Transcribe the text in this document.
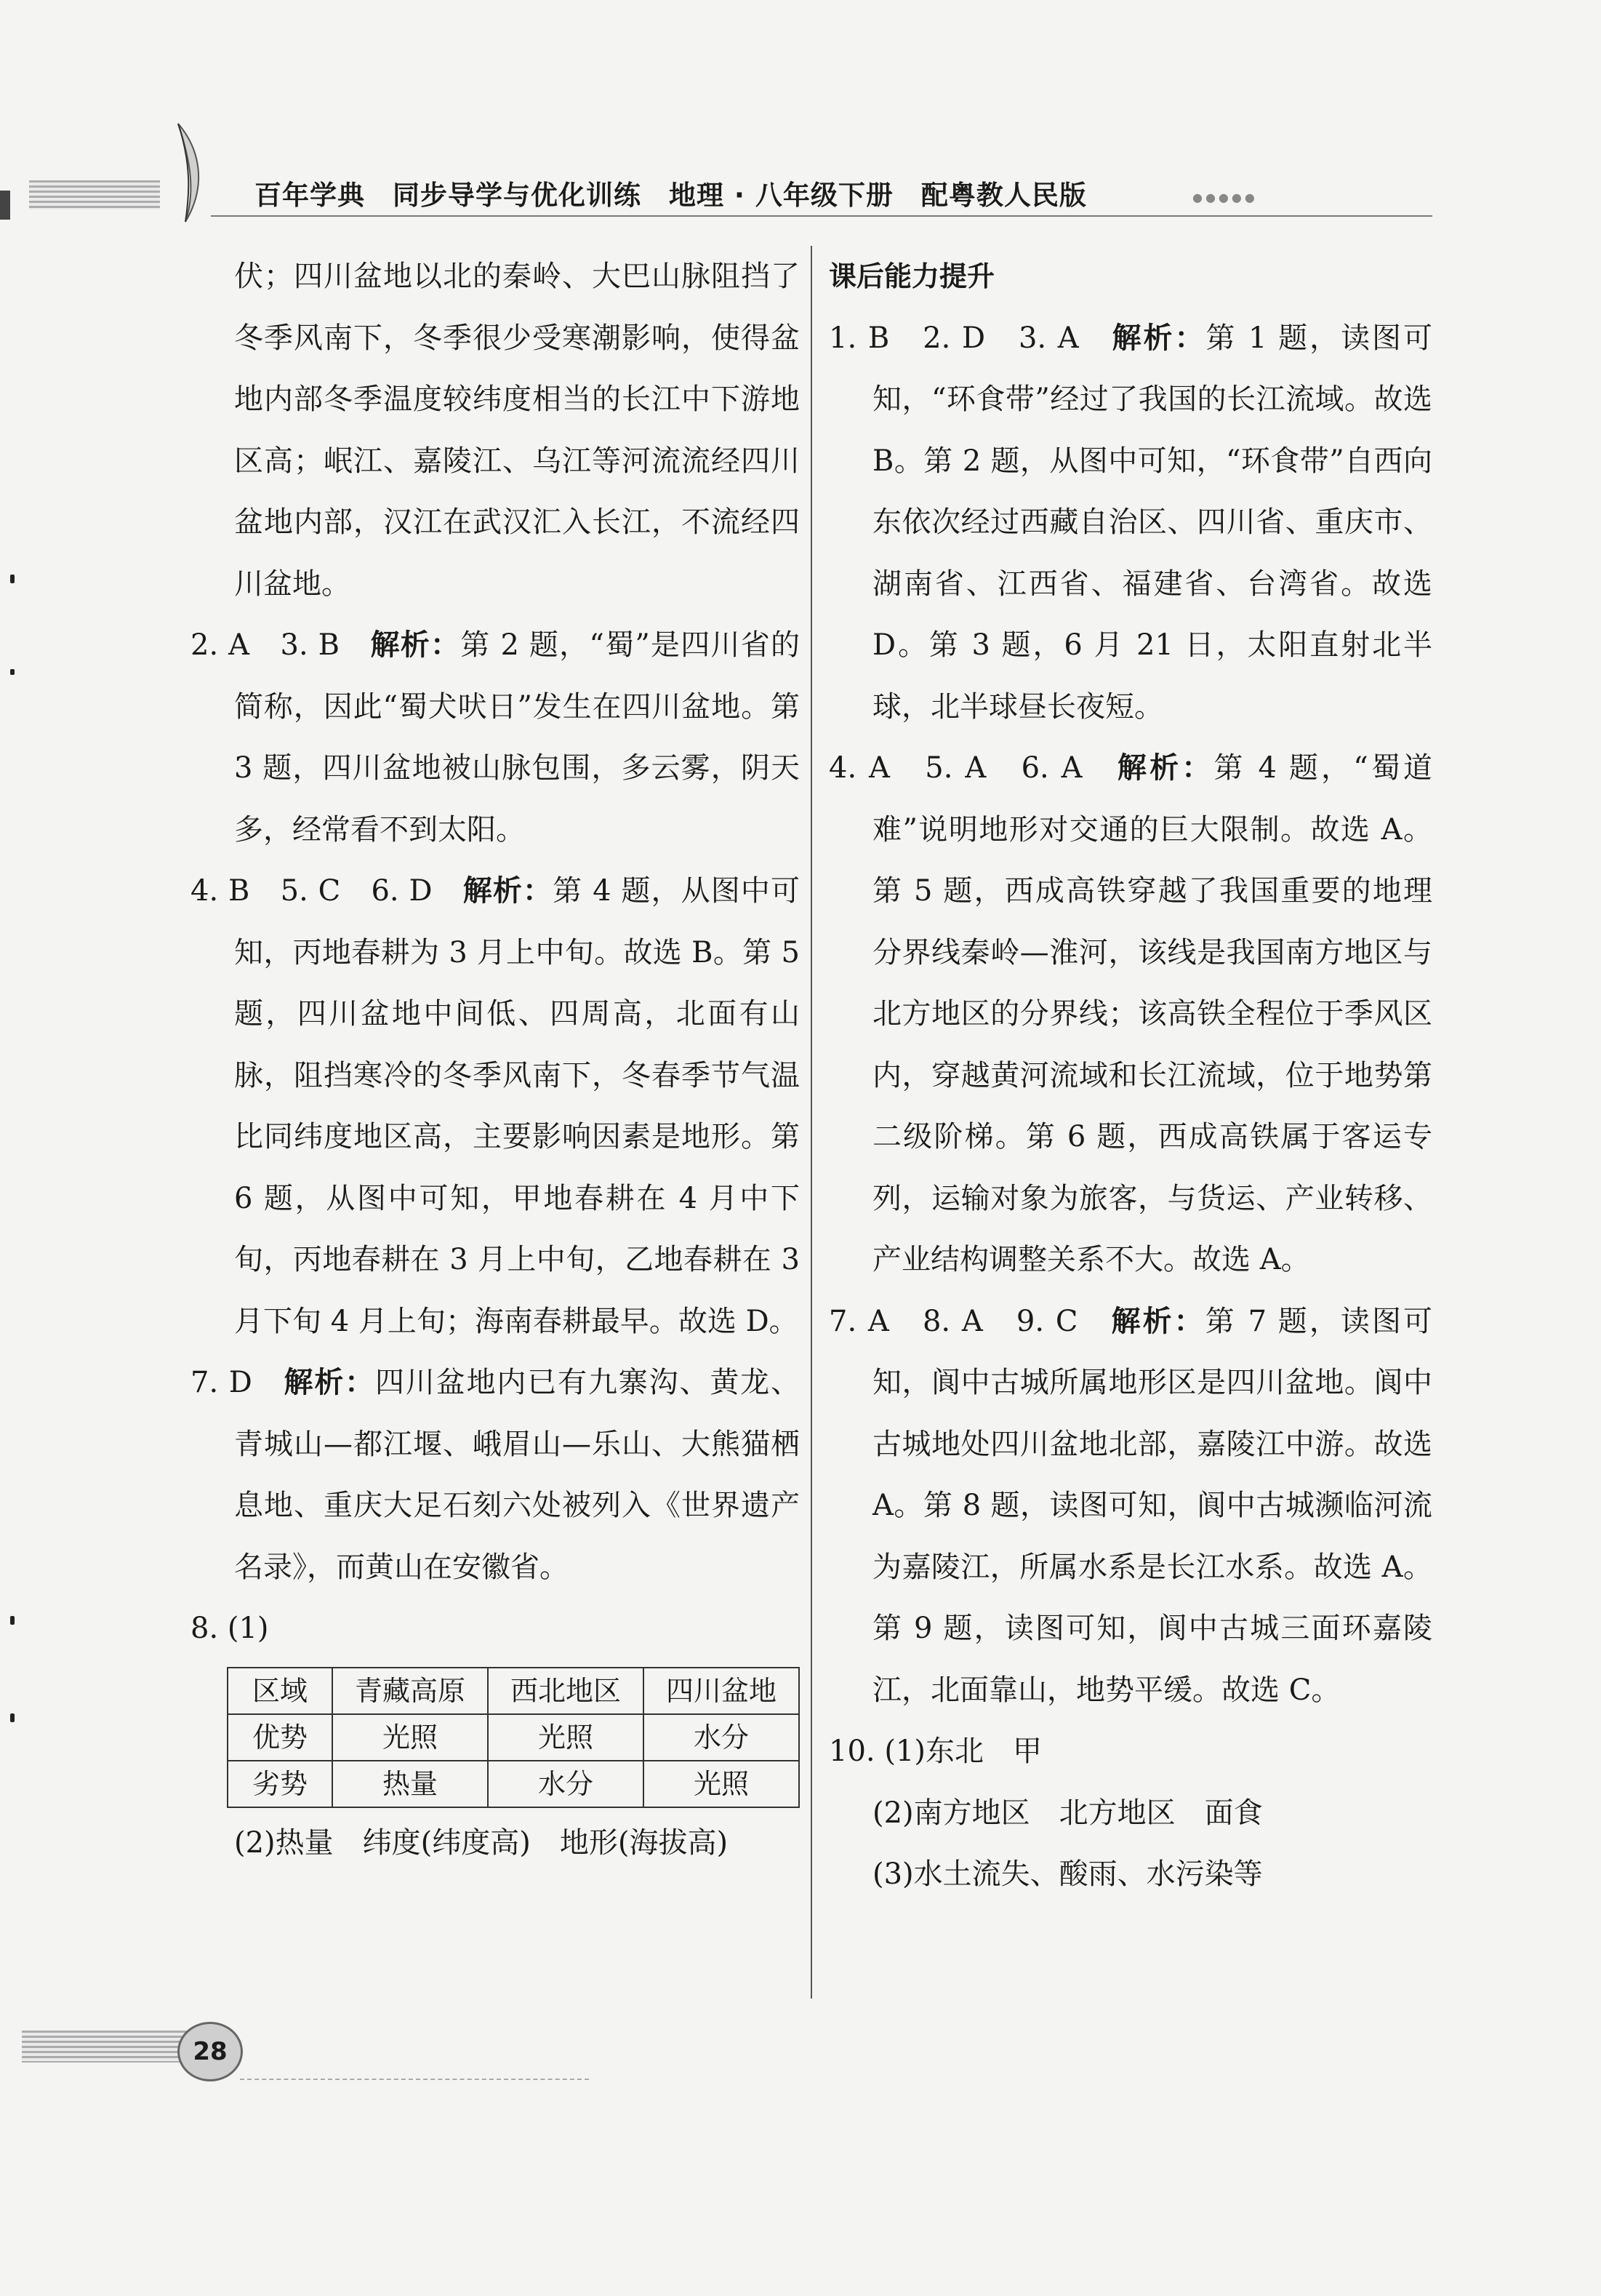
百年学典　同步导学与优化训练　地理 · 八年级下册　配粤教人民版	●●●●●

伏；四川盆地以北的秦岭、大巴山脉阻挡了冬季风南下，冬季很少受寒潮影响，使得盆地内部冬季温度较纬度相当的长江中下游地区高；岷江、嘉陵江、乌江等河流流经四川盆地内部，汉江在武汉汇入长江，不流经四川盆地。

2. A　3. B　解析：第 2 题，“蜀”是四川省的简称，因此“蜀犬吠日”发生在四川盆地。第 3 题，四川盆地被山脉包围，多云雾，阴天多，经常看不到太阳。

4. B　5. C　6. D　解析：第 4 题，从图中可知，丙地春耕为 3 月上中旬。故选 B。第 5 题，四川盆地中间低、四周高，北面有山脉，阻挡寒冷的冬季风南下，冬春季节气温比同纬度地区高，主要影响因素是地形。第 6 题，从图中可知，甲地春耕在 4 月中下旬，丙地春耕在 3 月上中旬，乙地春耕在 3 月下旬 4 月上旬；海南春耕最早。故选 D。

7. D　解析：四川盆地内已有九寨沟、黄龙、青城山—都江堰、峨眉山—乐山、大熊猫栖息地、重庆大足石刻六处被列入《世界遗产名录》，而黄山在安徽省。

8. (1)

区域	青藏高原	西北地区	四川盆地
优势	光照	光照	水分
劣势	热量	水分	光照

(2)热量　纬度(纬度高)　地形(海拔高)

课后能力提升

1. B　2. D　3. A　解析：第 1 题，读图可知，“环食带”经过了我国的长江流域。故选 B。第 2 题，从图中可知，“环食带”自西向东依次经过西藏自治区、四川省、重庆市、湖南省、江西省、福建省、台湾省。故选 D。第 3 题，6 月 21 日，太阳直射北半球，北半球昼长夜短。

4. A　5. A　6. A　解析：第 4 题，“蜀道难”说明地形对交通的巨大限制。故选 A。第 5 题，西成高铁穿越了我国重要的地理分界线秦岭—淮河，该线是我国南方地区与北方地区的分界线；该高铁全程位于季风区内，穿越黄河流域和长江流域，位于地势第二级阶梯。第 6 题，西成高铁属于客运专列，运输对象为旅客，与货运、产业转移、产业结构调整关系不大。故选 A。

7. A　8. A　9. C　解析：第 7 题，读图可知，阆中古城所属地形区是四川盆地。阆中古城地处四川盆地北部，嘉陵江中游。故选 A。第 8 题，读图可知，阆中古城濒临河流为嘉陵江，所属水系是长江水系。故选 A。第 9 题，读图可知，阆中古城三面环嘉陵江，北面靠山，地势平缓。故选 C。

10. (1)东北　甲

(2)南方地区　北方地区　面食

(3)水土流失、酸雨、水污染等

28
